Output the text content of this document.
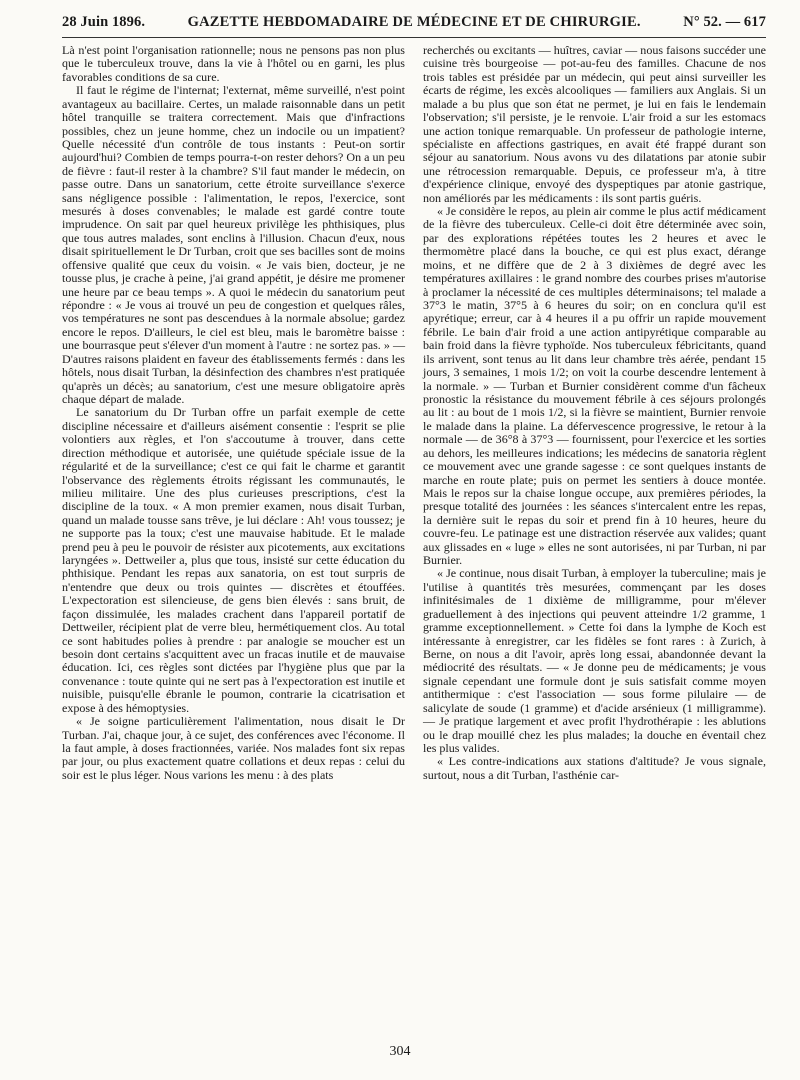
28 Juin 1896.	GAZETTE HEBDOMADAIRE DE MÉDECINE ET DE CHIRURGIE.	N° 52. — 617

Là n'est point l'organisation rationnelle; nous ne pensons pas non plus que le tuberculeux trouve, dans la vie à l'hôtel ou en garni, les plus favorables conditions de sa cure.

Il faut le régime de l'internat; l'externat, même surveillé, n'est point avantageux au bacillaire. Certes, un malade raisonnable dans un petit hôtel tranquille se traitera correctement. Mais que d'infractions possibles, chez un jeune homme, chez un indocile ou un impatient? Quelle nécessité d'un contrôle de tous instants : Peut-on sortir aujourd'hui? Combien de temps pourra-t-on rester dehors? On a un peu de fièvre : faut-il rester à la chambre? S'il faut mander le médecin, on passe outre. Dans un sanatorium, cette étroite surveillance s'exerce sans négligence possible : l'alimentation, le repos, l'exercice, sont mesurés à doses convenables; le malade est gardé contre toute imprudence. On sait par quel heureux privilège les phthisiques, plus que tous autres malades, sont enclins à l'illusion. Chacun d'eux, nous disait spirituellement le Dr Turban, croit que ses bacilles sont de moins offensive qualité que ceux du voisin. « Je vais bien, docteur, je ne tousse plus, je crache à peine, j'ai grand appétit, je désire me promener une heure par ce beau temps ». A quoi le médecin du sanatorium peut répondre : « Je vous ai trouvé un peu de congestion et quelques râles, vos températures ne sont pas descendues à la normale absolue; gardez encore le repos. D'ailleurs, le ciel est bleu, mais le baromètre baisse : une bourrasque peut s'élever d'un moment à l'autre : ne sortez pas. » — D'autres raisons plaident en faveur des établissements fermés : dans les hôtels, nous disait Turban, la désinfection des chambres n'est pratiquée qu'après un décès; au sanatorium, c'est une mesure obligatoire après chaque départ de malade.

Le sanatorium du Dr Turban offre un parfait exemple de cette discipline nécessaire et d'ailleurs aisément consentie : l'esprit se plie volontiers aux règles, et l'on s'accoutume à trouver, dans cette direction méthodique et autorisée, une quiétude spéciale issue de la régularité et de la surveillance; c'est ce qui fait le charme et garantit l'observance des règlements étroits régissant les communautés, le milieu militaire. Une des plus curieuses prescriptions, c'est la discipline de la toux. « A mon premier examen, nous disait Turban, quand un malade tousse sans trêve, je lui déclare : Ah! vous toussez; je ne supporte pas la toux; c'est une mauvaise habitude. Et le malade prend peu à peu le pouvoir de résister aux picotements, aux excitations laryngées ». Dettweiler a, plus que tous, insisté sur cette éducation du phthisique. Pendant les repas aux sanatoria, on est tout surpris de n'entendre que deux ou trois quintes — discrètes et étouffées. L'expectoration est silencieuse, de gens bien élevés : sans bruit, de façon dissimulée, les malades crachent dans l'appareil portatif de Dettweiler, récipient plat de verre bleu, hermétiquement clos. Au total ce sont habitudes polies à prendre : par analogie se moucher est un besoin dont certains s'acquittent avec un fracas inutile et de mauvaise éducation. Ici, ces règles sont dictées par l'hygiène plus que par la convenance : toute quinte qui ne sert pas à l'expectoration est inutile et nuisible, puisqu'elle ébranle le poumon, contrarie la cicatrisation et expose à des hémoptysies.

« Je soigne particulièrement l'alimentation, nous disait le Dr Turban. J'ai, chaque jour, à ce sujet, des conférences avec l'économe. Il la faut ample, à doses fractionnées, variée. Nos malades font six repas par jour, ou plus exactement quatre collations et deux repas : celui du soir est le plus léger. Nous varions les menu : à des plats

recherchés ou excitants — huîtres, caviar — nous faisons succéder une cuisine très bourgeoise — pot-au-feu des familles. Chacune de nos trois tables est présidée par un médecin, qui peut ainsi surveiller les écarts de régime, les excès alcooliques — familiers aux Anglais. Si un malade a bu plus que son état ne permet, je lui en fais le lendemain l'observation; s'il persiste, je le renvoie. L'air froid a sur les estomacs une action tonique remarquable. Un professeur de pathologie interne, spécialiste en affections gastriques, en avait été frappé durant son séjour au sanatorium. Nous avons vu des dilatations par atonie subir une rétrocession remarquable. Depuis, ce professeur m'a, à titre d'expérience clinique, envoyé des dyspeptiques par atonie gastrique, non améliorés par les médicaments : ils sont partis guéris.

« Je considère le repos, au plein air comme le plus actif médicament de la fièvre des tuberculeux. Celle-ci doit être déterminée avec soin, par des explorations répétées toutes les 2 heures et avec le thermomètre placé dans la bouche, ce qui est plus exact, dérange moins, et ne diffère que de 2 à 3 dixièmes de degré avec les températures axillaires : le grand nombre des courbes prises m'autorise à proclamer la nécessité de ces multiples déterminaisons; tel malade a 37°3 le matin, 37°5 à 6 heures du soir; on en conclura qu'il est apyrétique; erreur, car à 4 heures il a pu offrir un rapide mouvement fébrile. Le bain d'air froid a une action antipyrétique comparable au bain froid dans la fièvre typhoïde. Nos tuberculeux fébricitants, quand ils arrivent, sont tenus au lit dans leur chambre très aérée, pendant 15 jours, 3 semaines, 1 mois 1/2; on voit la courbe descendre lentement à la normale. » — Turban et Burnier considèrent comme d'un fâcheux pronostic la résistance du mouvement fébrile à ces séjours prolongés au lit : au bout de 1 mois 1/2, si la fièvre se maintient, Burnier renvoie le malade dans la plaine. La défervescence progressive, le retour à la normale — de 36°8 à 37°3 — fournissent, pour l'exercice et les sorties au dehors, les meilleures indications; les médecins de sanatoria règlent ce mouvement avec une grande sagesse : ce sont quelques instants de marche en route plate; puis on permet les sentiers à douce montée. Mais le repos sur la chaise longue occupe, aux premières périodes, la presque totalité des journées : les séances s'intercalent entre les repas, la dernière suit le repas du soir et prend fin à 10 heures, heure du couvre-feu. Le patinage est une distraction réservée aux valides; quant aux glissades en « luge » elles ne sont autorisées, ni par Turban, ni par Burnier.

« Je continue, nous disait Turban, à employer la tuberculine; mais je l'utilise à quantités très mesurées, commençant par les doses infinitésimales de 1 dixième de milligramme, pour m'élever graduellement à des injections qui peuvent atteindre 1/2 gramme, 1 gramme exceptionnellement. » Cette foi dans la lymphe de Koch est intéressante à enregistrer, car les fidèles se font rares : à Zurich, à Berne, on nous a dit l'avoir, après long essai, abandonnée devant la médiocrité des résultats. — « Je donne peu de médicaments; je vous signale cependant une formule dont je suis satisfait comme moyen antithermique : c'est l'association — sous forme pilulaire — de salicylate de soude (1 gramme) et d'acide arsénieux (1 milligramme). — Je pratique largement et avec profit l'hydrothérapie : les ablutions ou le drap mouillé chez les plus malades; la douche en éventail chez les plus valides.

« Les contre-indications aux stations d'altitude? Je vous signale, surtout, nous a dit Turban, l'asthénie car-

304
